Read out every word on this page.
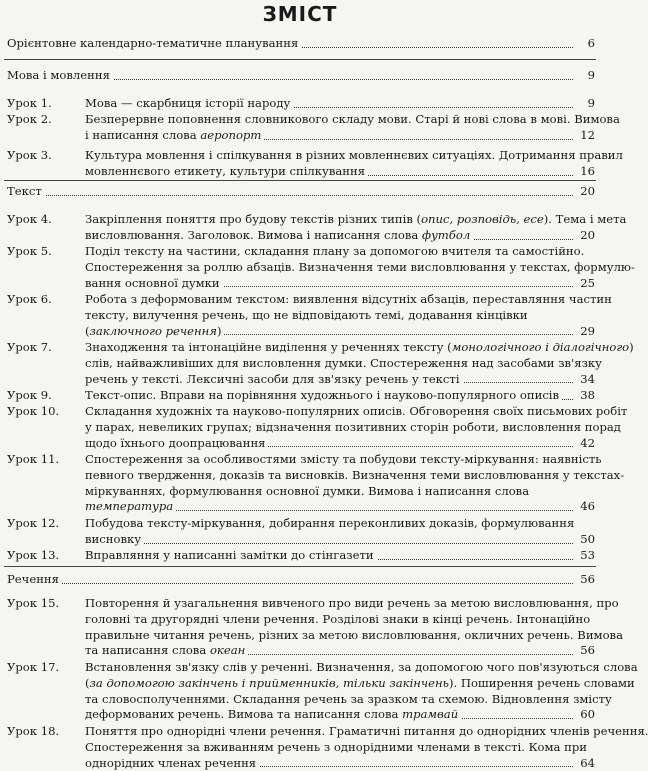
ЗМІСТ
Орієнтовне календарно-тематичне планування	6
Мова і мовлення	9
Урок 1.	Мова — скарбниця історії народу	9
Урок 2.	Безперервне поповнення словникового складу мови. Старі й нові слова в мові. Вимова
і написання слова аеропорт	12
Урок 3.	Культура мовлення і спілкування в різних мовленнєвих ситуаціях. Дотримання правил
мовленнєвого етикету, культури спілкування	16
Текст	20
Урок 4.	Закріплення поняття про будову текстів різних типів (опис, розповідь, есе). Тема і мета
висловлювання. Заголовок. Вимова і написання слова футбол	20
Урок 5.	Поділ тексту на частини, складання плану за допомогою вчителя та самостійно.
Спостереження за роллю абзаців. Визначення теми висловлювання у текстах, формулю-
вання основної думки	25
Урок 6.	Робота з деформованим текстом: виявлення відсутніх абзаців, переставляння частин
тексту, вилучення речень, що не відповідають темі, додавання кінцівки
(заключного речення)	29
Урок 7.	Знаходження та інтонаційне виділення у реченнях тексту (монологічного і діалогічного)
слів, найважливіших для висловлення думки. Спостереження над засобами зв'язку
речень у тексті. Лексичні засоби для зв'язку речень у тексті	34
Урок 9.	Текст-опис. Вправи на порівняння художнього і науково-популярного описів	38
Урок 10. Складання художніх та науково-популярних описів. Обговорення своїх письмових робіт
у парах, невеликих групах; відзначення позитивних сторін роботи, висловлення порад
щодо їхнього доопрацювання	42
Урок 11. Спостереження за особливостями змісту та побудови тексту-міркування: наявність
певного твердження, доказів та висновків. Визначення теми висловлювання у текстах-
міркуваннях, формулювання основної думки. Вимова і написання слова
температура	46
Урок 12. Побудова тексту-міркування, добирання переконливих доказів, формулювання
висновку	50
Урок 13. Вправляння у написанні замітки до стінгазети	53
Речення	56
Урок 15. Повторення й узагальнення вивченого про види речень за метою висловлювання, про
головні та другорядні члени речення. Розділові знаки в кінці речень. Інтонаційно
правильне читання речень, різних за метою висловлювання, окличних речень. Вимова
та написання слова океан	56
Урок 17. Встановлення зв'язку слів у реченні. Визначення, за допомогою чого пов'язуються слова
(за допомогою закінчень і прийменників, тільки закінчень). Поширення речень словами
та словосполученнями. Складання речень за зразком та схемою. Відновлення змісту
деформованих речень. Вимова та написання слова трамвай	60
Урок 18. Поняття про однорідні члени речення. Граматичні питання до однорідних членів речення.
Спостереження за вживанням речень з однорідними членами в тексті. Кома при
однорідних членах речення	64
